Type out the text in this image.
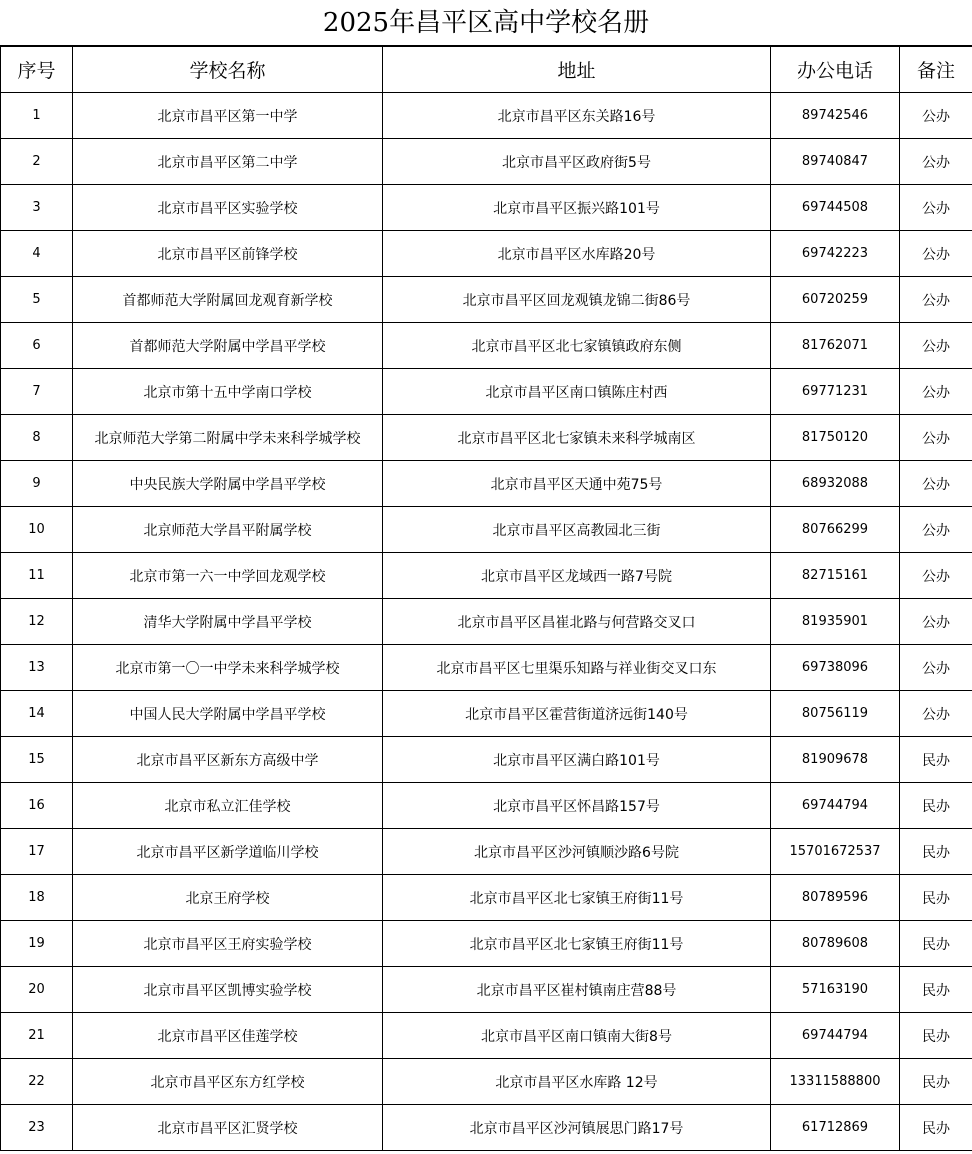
2025年昌平区高中学校名册
序号	学校名称	地址	办公电话	备注
1	北京市昌平区第一中学	北京市昌平区东关路16号	89742546	公办
2	北京市昌平区第二中学	北京市昌平区政府街5号	89740847	公办
3	北京市昌平区实验学校	北京市昌平区振兴路101号	69744508	公办
4	北京市昌平区前锋学校	北京市昌平区水库路20号	69742223	公办
5	首都师范大学附属回龙观育新学校	北京市昌平区回龙观镇龙锦二街86号	60720259	公办
6	首都师范大学附属中学昌平学校	北京市昌平区北七家镇镇政府东侧	81762071	公办
7	北京市第十五中学南口学校	北京市昌平区南口镇陈庄村西	69771231	公办
8	北京师范大学第二附属中学未来科学城学校	北京市昌平区北七家镇未来科学城南区	81750120	公办
9	中央民族大学附属中学昌平学校	北京市昌平区天通中苑75号	68932088	公办
10	北京师范大学昌平附属学校	北京市昌平区高教园北三街	80766299	公办
11	北京市第一六一中学回龙观学校	北京市昌平区龙域西一路7号院	82715161	公办
12	清华大学附属中学昌平学校	北京市昌平区昌崔北路与何营路交叉口	81935901	公办
13	北京市第一〇一中学未来科学城学校	北京市昌平区七里渠乐知路与祥业街交叉口东	69738096	公办
14	中国人民大学附属中学昌平学校	北京市昌平区霍营街道济远街140号	80756119	公办
15	北京市昌平区新东方高级中学	北京市昌平区满白路101号	81909678	民办
16	北京市私立汇佳学校	北京市昌平区怀昌路157号	69744794	民办
17	北京市昌平区新学道临川学校	北京市昌平区沙河镇顺沙路6号院	15701672537	民办
18	北京王府学校	北京市昌平区北七家镇王府街11号	80789596	民办
19	北京市昌平区王府实验学校	北京市昌平区北七家镇王府街11号	80789608	民办
20	北京市昌平区凯博实验学校	北京市昌平区崔村镇南庄营88号	57163190	民办
21	北京市昌平区佳莲学校	北京市昌平区南口镇南大街8号	69744794	民办
22	北京市昌平区东方红学校	北京市昌平区水库路 12号	13311588800	民办
23	北京市昌平区汇贤学校	北京市昌平区沙河镇展思门路17号	61712869	民办
